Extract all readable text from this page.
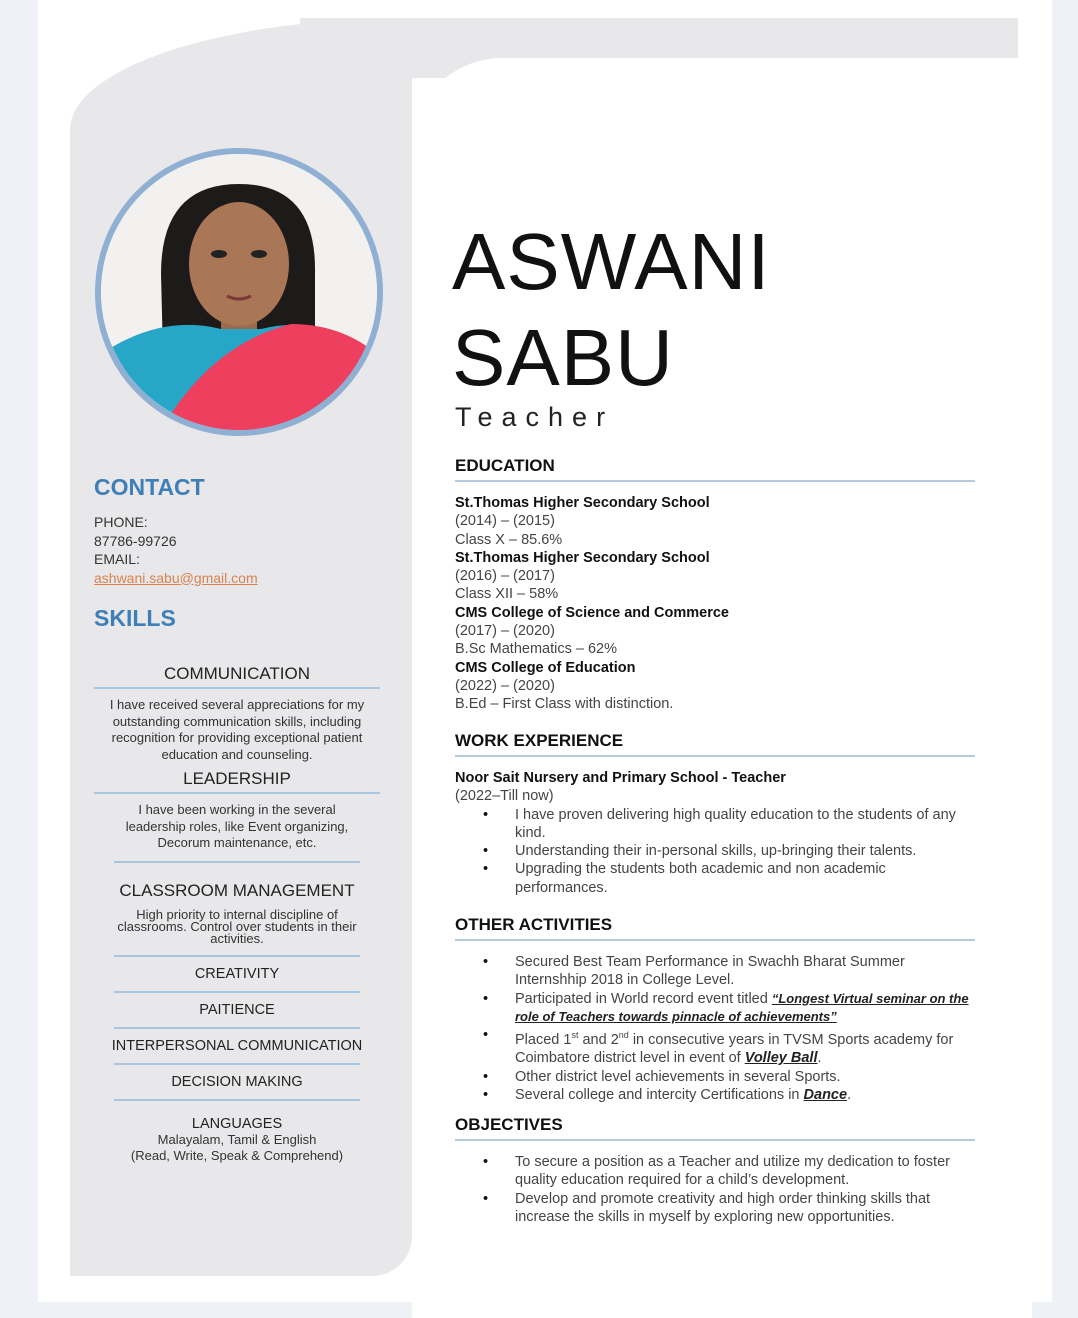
CONTACT
PHONE:
87786-99726
EMAIL:
ashwani.sabu@gmail.com
SKILLS
COMMUNICATION
I have received several appreciations for my outstanding communication skills, including recognition for providing exceptional patient education and counseling.
LEADERSHIP
I have been working in the several leadership roles, like Event organizing, Decorum maintenance, etc.
CLASSROOM MANAGEMENT
High priority to internal discipline of classrooms. Control over students in their activities.
CREATIVITY
PAITIENCE
INTERPERSONAL COMMUNICATION
DECISION MAKING
LANGUAGES
Malayalam, Tamil & English
(Read, Write, Speak & Comprehend)
ASWANI
SABU
Teacher
EDUCATION
St.Thomas Higher Secondary School
(2014) – (2015)
Class X – 85.6%
St.Thomas Higher Secondary School
(2016) – (2017)
Class XII – 58%
CMS College of Science and Commerce
(2017) – (2020)
B.Sc Mathematics – 62%
CMS College of Education
(2022) – (2020)
B.Ed – First Class with distinction.
WORK EXPERIENCE
Noor Sait Nursery and Primary School - Teacher
(2022–Till now)
• I have proven delivering high quality education to the students of any kind.
• Understanding their in-personal skills, up-bringing their talents.
• Upgrading the students both academic and non academic performances.
OTHER ACTIVITIES
• Secured Best Team Performance in Swachh Bharat Summer Internshhip 2018 in College Level.
• Participated in World record event titled “Longest Virtual seminar on the role of Teachers towards pinnacle of achievements”
• Placed 1st and 2nd in consecutive years in TVSM Sports academy for Coimbatore district level in event of Volley Ball.
• Other district level achievements in several Sports.
• Several college and intercity Certifications in Dance.
OBJECTIVES
• To secure a position as a Teacher and utilize my dedication to foster quality education required for a child’s development.
• Develop and promote creativity and high order thinking skills that increase the skills in myself by exploring new opportunities.
